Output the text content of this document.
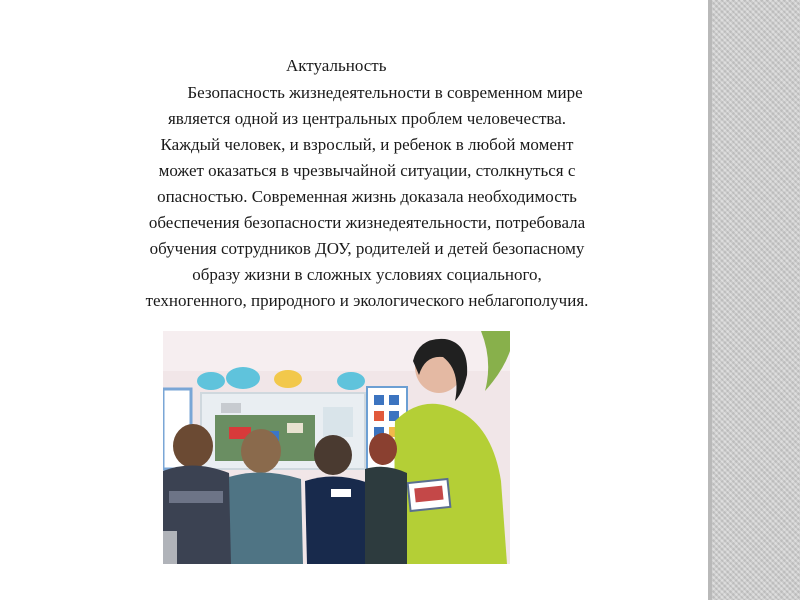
Актуальность
Безопасность жизнедеятельности в современном мире
является одной из центральных проблем человечества.
Каждый человек, и взрослый, и ребенок в любой момент
может оказаться в чрезвычайной ситуации, столкнуться с
опасностью. Современная жизнь доказала необходимость
обеспечения безопасности жизнедеятельности, потребовала
обучения сотрудников ДОУ, родителей и детей безопасному
образу жизни в сложных условиях социального,
техногенного, природного и экологического неблагополучия.
